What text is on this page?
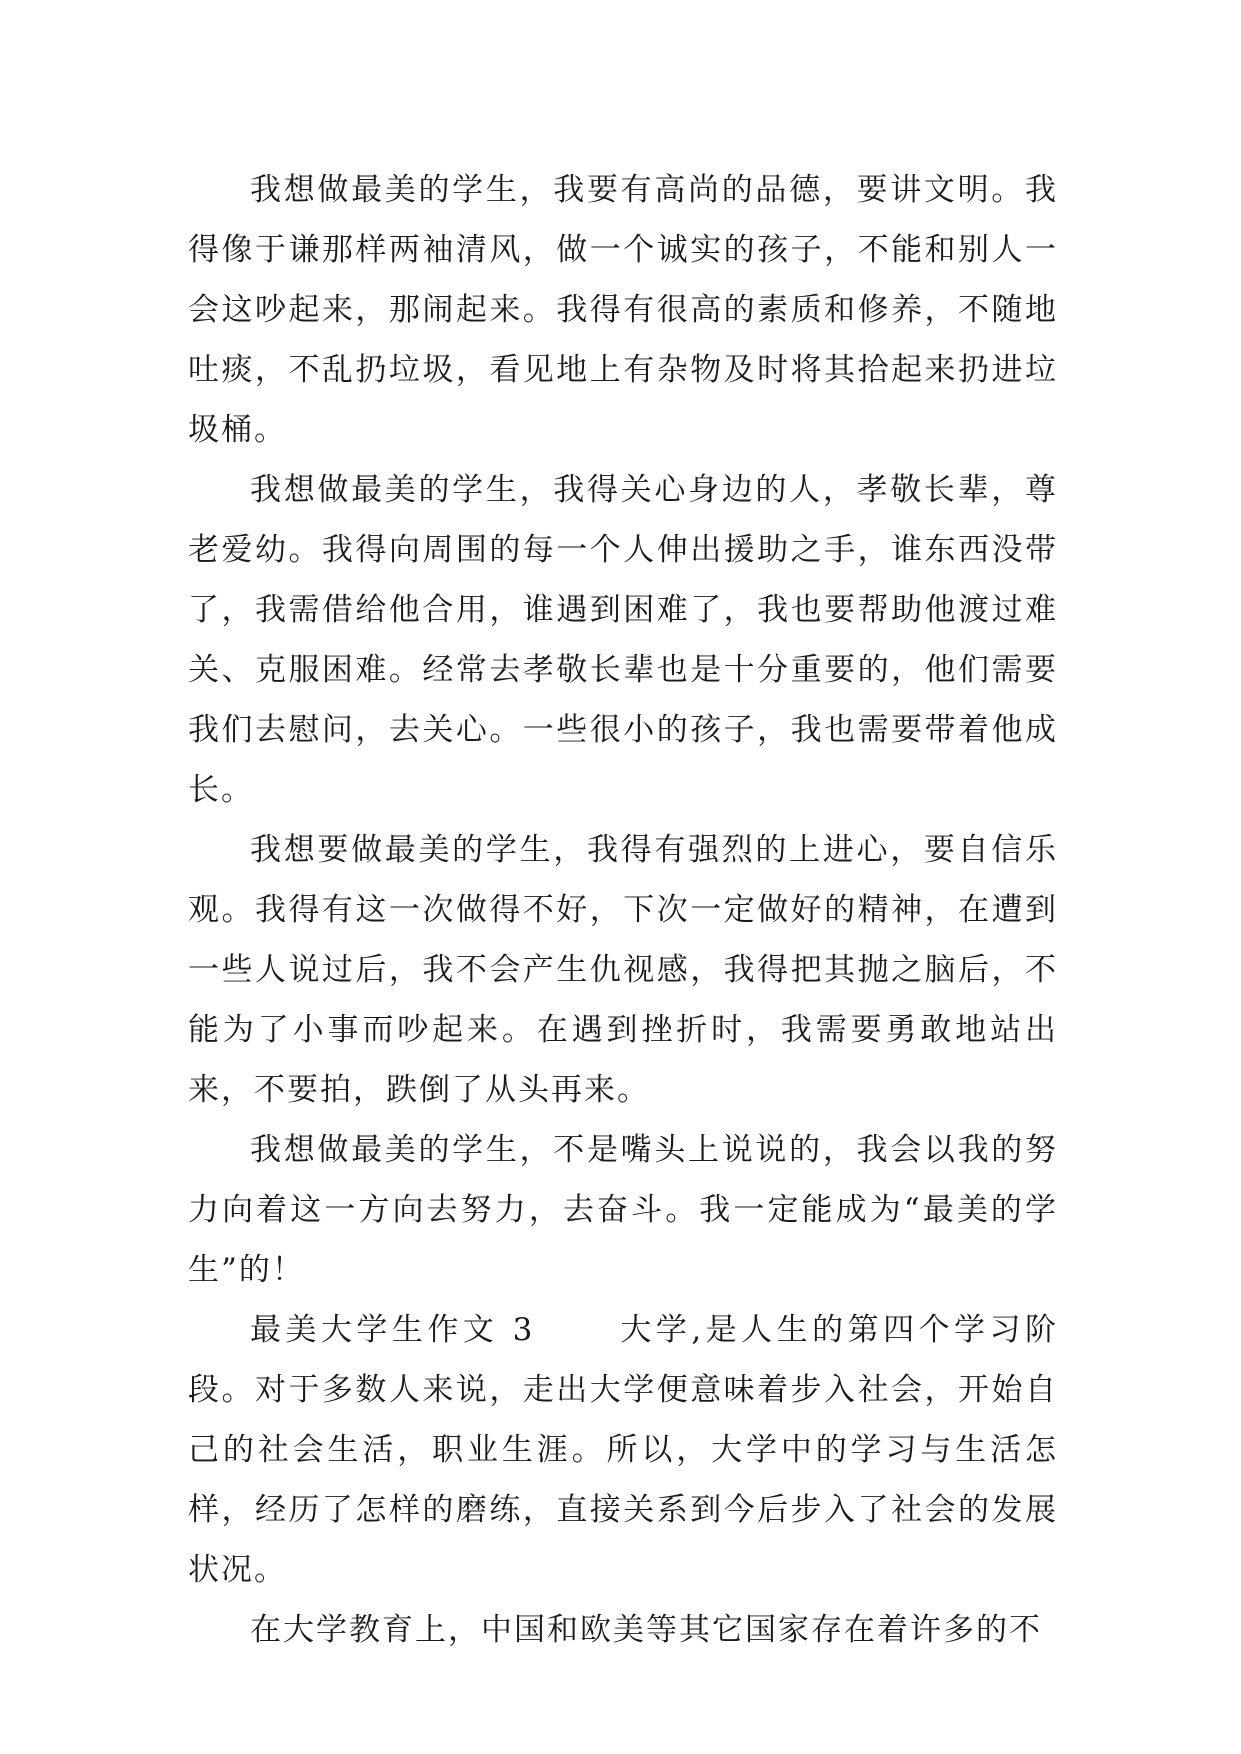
我想做最美的学生，我要有高尚的品德，要讲文明。我得像于谦那样两袖清风，做一个诚实的孩子，不能和别人一会这吵起来，那闹起来。我得有很高的素质和修养，不随地吐痰，不乱扔垃圾，看见地上有杂物及时将其拾起来扔进垃圾桶。

我想做最美的学生，我得关心身边的人，孝敬长辈，尊老爱幼。我得向周围的每一个人伸出援助之手，谁东西没带了，我需借给他合用，谁遇到困难了，我也要帮助他渡过难关、克服困难。经常去孝敬长辈也是十分重要的，他们需要我们去慰问，去关心。一些很小的孩子，我也需要带着他成长。

我想要做最美的学生，我得有强烈的上进心，要自信乐观。我得有这一次做得不好，下次一定做好的精神，在遭到一些人说过后，我不会产生仇视感，我得把其抛之脑后，不能为了小事而吵起来。在遇到挫折时，我需要勇敢地站出来，不要拍，跌倒了从头再来。

我想做最美的学生，不是嘴头上说说的，我会以我的努力向着这一方向去努力，去奋斗。我一定能成为“最美的学生”的！

最美大学生作文 3	大学,是人生的第四个学习阶段。对于多数人来说，走出大学便意味着步入社会，开始自己的社会生活，职业生涯。所以，大学中的学习与生活怎样，经历了怎样的磨练，直接关系到今后步入了社会的发展状况。

在大学教育上，中国和欧美等其它国家存在着许多的不
